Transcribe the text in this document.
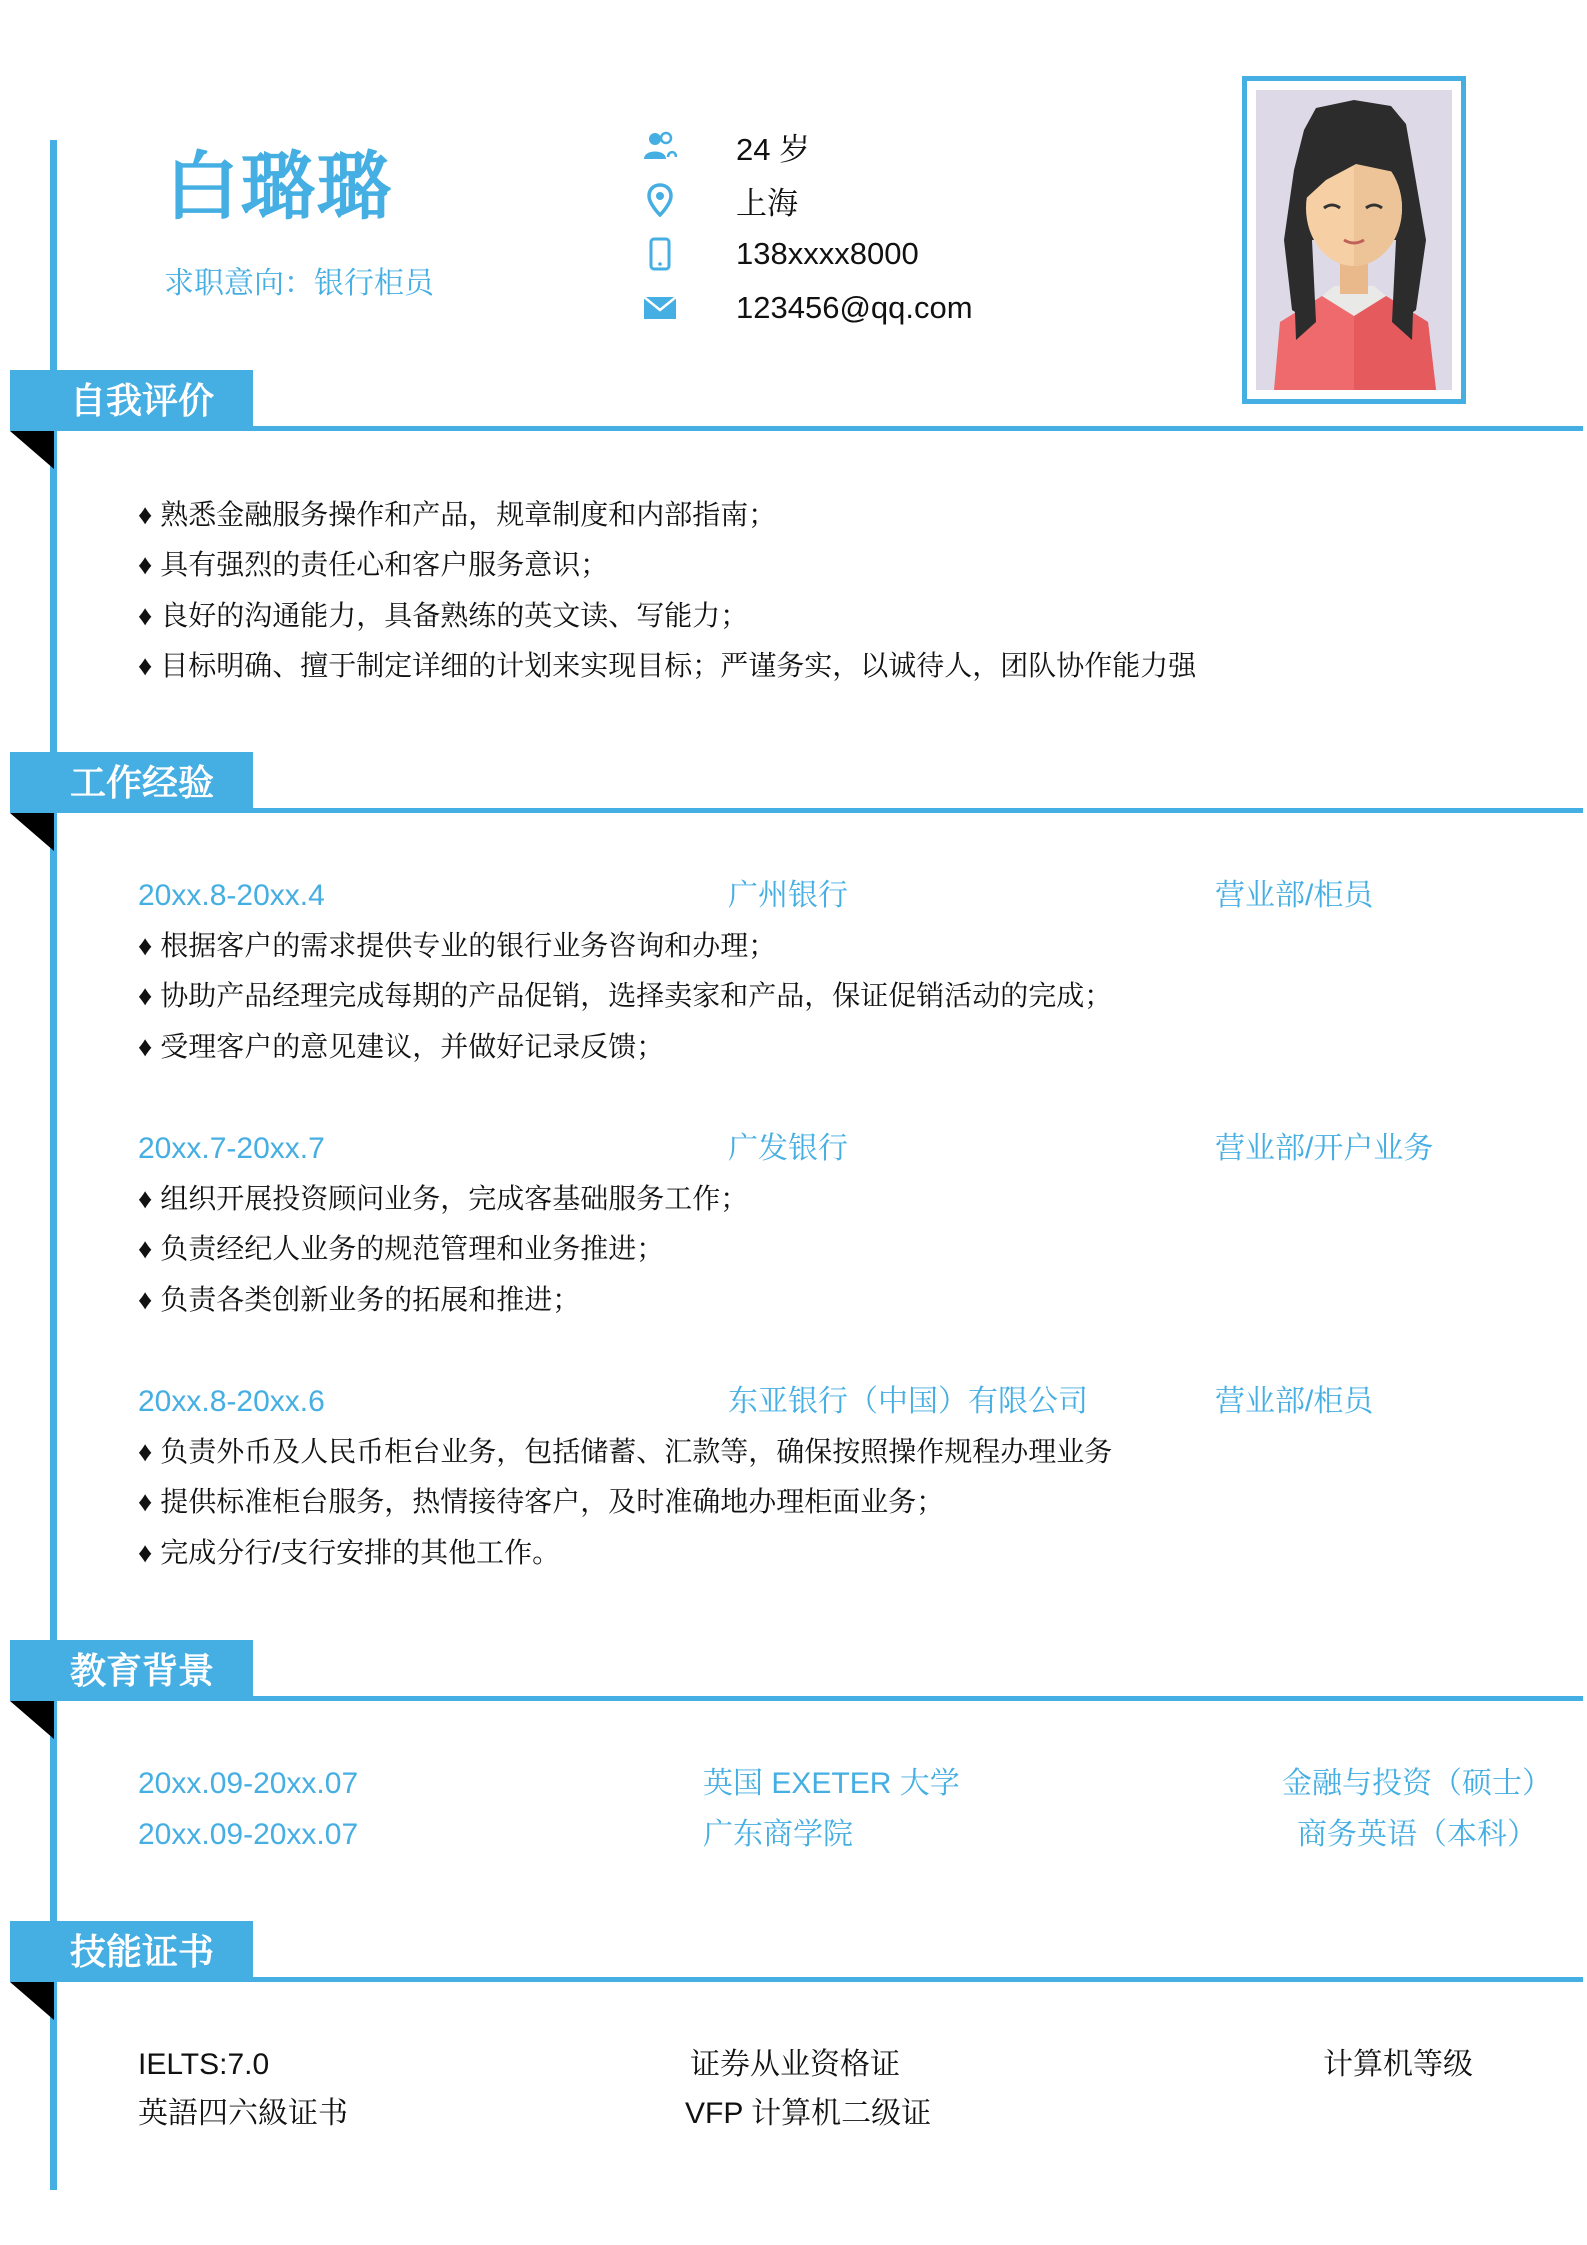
白璐璐
求职意向：银行柜员
24 岁
上海
138xxxx8000
123456@qq.com
自我评价
♦ 熟悉金融服务操作和产品，规章制度和内部指南；
♦ 具有强烈的责任心和客户服务意识；
♦ 良好的沟通能力，具备熟练的英文读、写能力；
♦ 目标明确、擅于制定详细的计划来实现目标；严谨务实，以诚待人，团队协作能力强
工作经验
20xx.8-20xx.4	广州银行	营业部/柜员
♦ 根据客户的需求提供专业的银行业务咨询和办理；
♦ 协助产品经理完成每期的产品促销，选择卖家和产品，保证促销活动的完成；
♦ 受理客户的意见建议，并做好记录反馈；
20xx.7-20xx.7	广发银行	营业部/开户业务
♦ 组织开展投资顾问业务，完成客基础服务工作；
♦ 负责经纪人业务的规范管理和业务推进；
♦ 负责各类创新业务的拓展和推进；
20xx.8-20xx.6	东亚银行（中国）有限公司	营业部/柜员
♦ 负责外币及人民币柜台业务，包括储蓄、汇款等，确保按照操作规程办理业务
♦ 提供标准柜台服务，热情接待客户，及时准确地办理柜面业务；
♦ 完成分行/支行安排的其他工作。
教育背景
20xx.09-20xx.07	英国 EXETER 大学	金融与投资（硕士）
20xx.09-20xx.07	广东商学院	商务英语（本科）
技能证书
IELTS:7.0	证券从业资格证	计算机等级
英語四六級证书	VFP 计算机二级证
